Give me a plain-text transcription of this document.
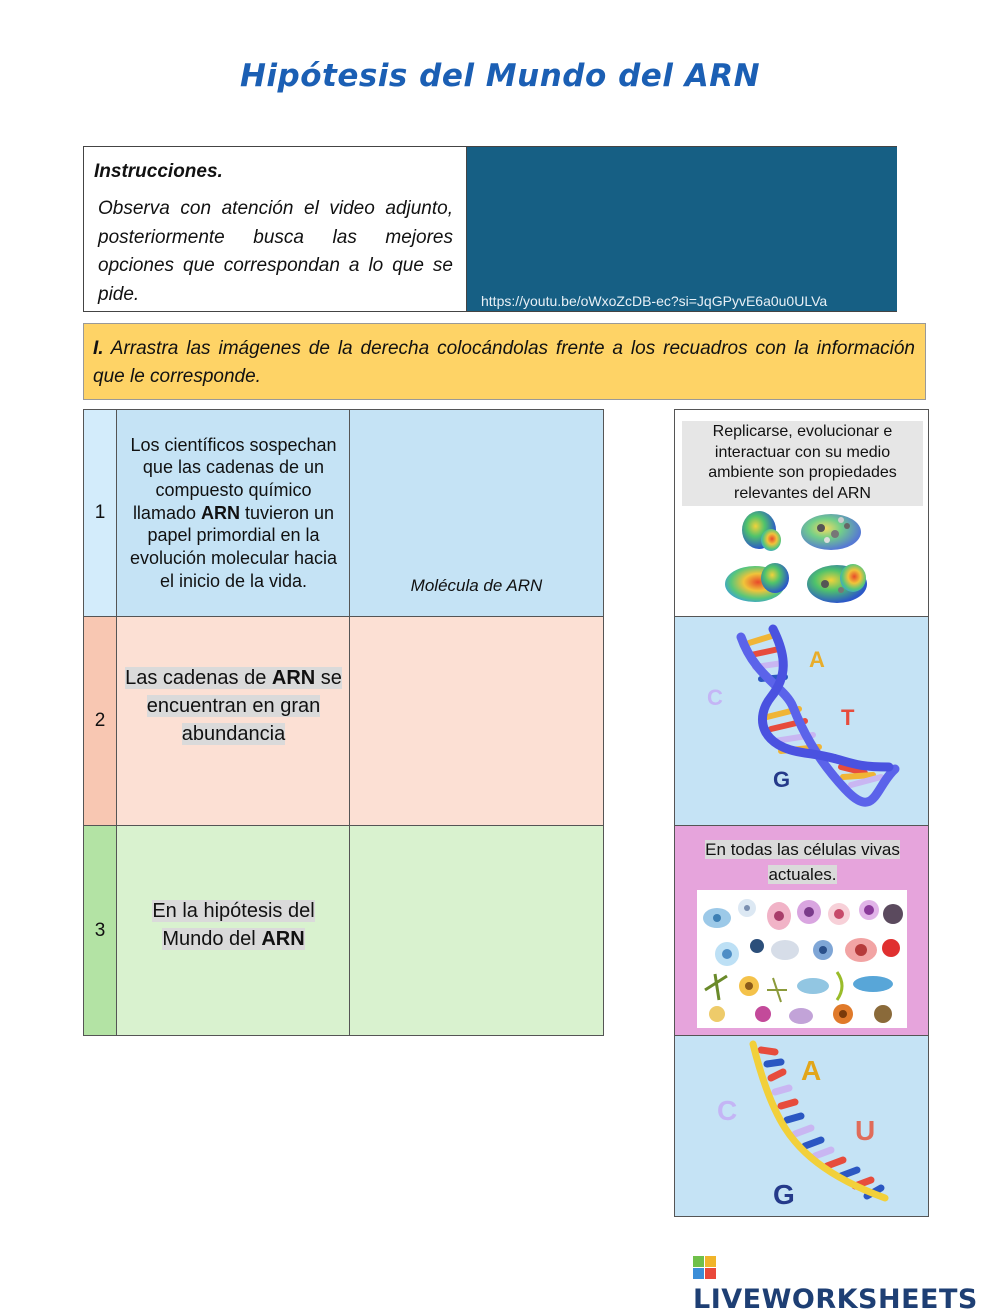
Hipótesis del Mundo del ARN
Instrucciones.
Observa con atención el video adjunto, posteriormente busca las mejores opciones que correspondan a lo que se pide.	https://youtu.be/oWxoZcDB-ec?si=JqGPyvE6a0u0ULVa
I. Arrastra las imágenes de la derecha colocándolas frente a los recuadros con la información que le corresponde.
1
Los científicos sospechan que las cadenas de un compuesto químico llamado ARN tuvieron un papel primordial en la evolución molecular hacia el inicio de la vida.	Molécula de ARN
2
Las cadenas de ARN se encuentran en gran abundancia
3
En la hipótesis del Mundo del ARN
Replicarse, evolucionar e interactuar con su medio ambiente son propiedades relevantes del ARN
A
C
T
G
En todas las células vivas actuales.
A
C
U
G
LIVEWORKSHEETS
